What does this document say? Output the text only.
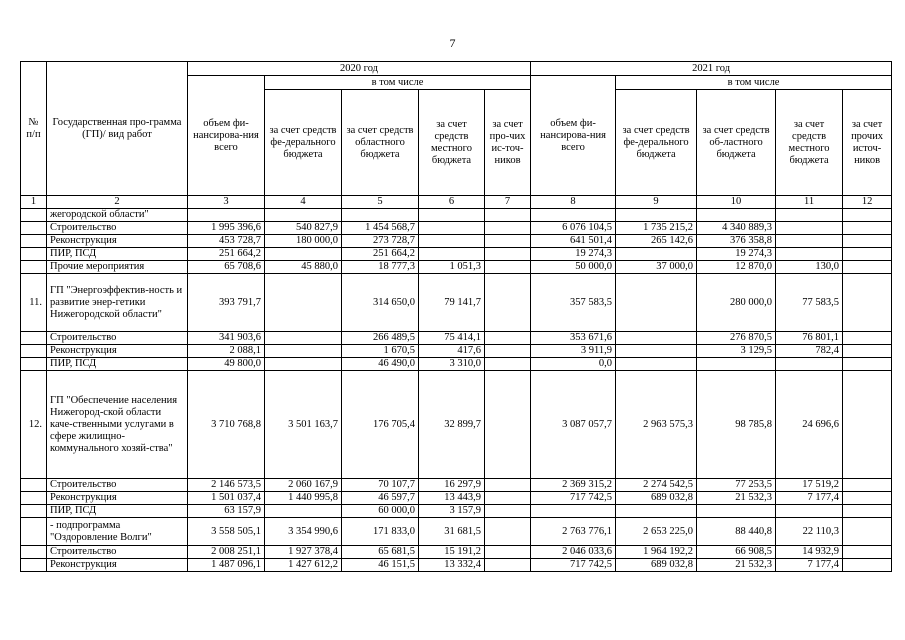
7
№ п/п	Государственная про-грамма (ГП)/ вид работ	2020 год					2021 год				
		объем фи-нансирова-ния всего	в том числе				объем фи-нансирова-ния всего	в том числе			
			за счет средств фе-дерального бюджета	за счет средств областного бюджета	за счет средств местного бюджета	за счет про-чих ис-точ-ников		за счет средств фе-дерального бюджета	за счет средств об-ластного бюджета	за счет средств местного бюджета	за счет прочих источ-ников
1	2	3	4	5	6	7	8	9	10	11	12
	жегородской области"										
	Строительство	1 995 396,6	540 827,9	1 454 568,7			6 076 104,5	1 735 215,2	4 340 889,3		
	Реконструкция	453 728,7	180 000,0	273 728,7			641 501,4	265 142,6	376 358,8		
	ПИР, ПСД	251 664,2		251 664,2			19 274,3		19 274,3		
	Прочие мероприятия	65 708,6	45 880,0	18 777,3	1 051,3		50 000,0	37 000,0	12 870,0	130,0	
11.	ГП "Энергоэффектив-ность и развитие энер-гетики Нижегородской области"	393 791,7		314 650,0	79 141,7		357 583,5		280 000,0	77 583,5	
	Строительство	341 903,6		266 489,5	75 414,1		353 671,6		276 870,5	76 801,1	
	Реконструкция	2 088,1		1 670,5	417,6		3 911,9		3 129,5	782,4	
	ПИР, ПСД	49 800,0		46 490,0	3 310,0		0,0				
12.	ГП "Обеспечение населения Нижегород-ской области каче-ственными услугами в сфере жилищно-коммунального хозяй-ства"	3 710 768,8	3 501 163,7	176 705,4	32 899,7		3 087 057,7	2 963 575,3	98 785,8	24 696,6	
	Строительство	2 146 573,5	2 060 167,9	70 107,7	16 297,9		2 369 315,2	2 274 542,5	77 253,5	17 519,2	
	Реконструкция	1 501 037,4	1 440 995,8	46 597,7	13 443,9		717 742,5	689 032,8	21 532,3	7 177,4	
	ПИР, ПСД	63 157,9		60 000,0	3 157,9						
	- подпрограмма "Оздоровление Волги"	3 558 505,1	3 354 990,6	171 833,0	31 681,5		2 763 776,1	2 653 225,0	88 440,8	22 110,3	
	Строительство	2 008 251,1	1 927 378,4	65 681,5	15 191,2		2 046 033,6	1 964 192,2	66 908,5	14 932,9	
	Реконструкция	1 487 096,1	1 427 612,2	46 151,5	13 332,4		717 742,5	689 032,8	21 532,3	7 177,4	
